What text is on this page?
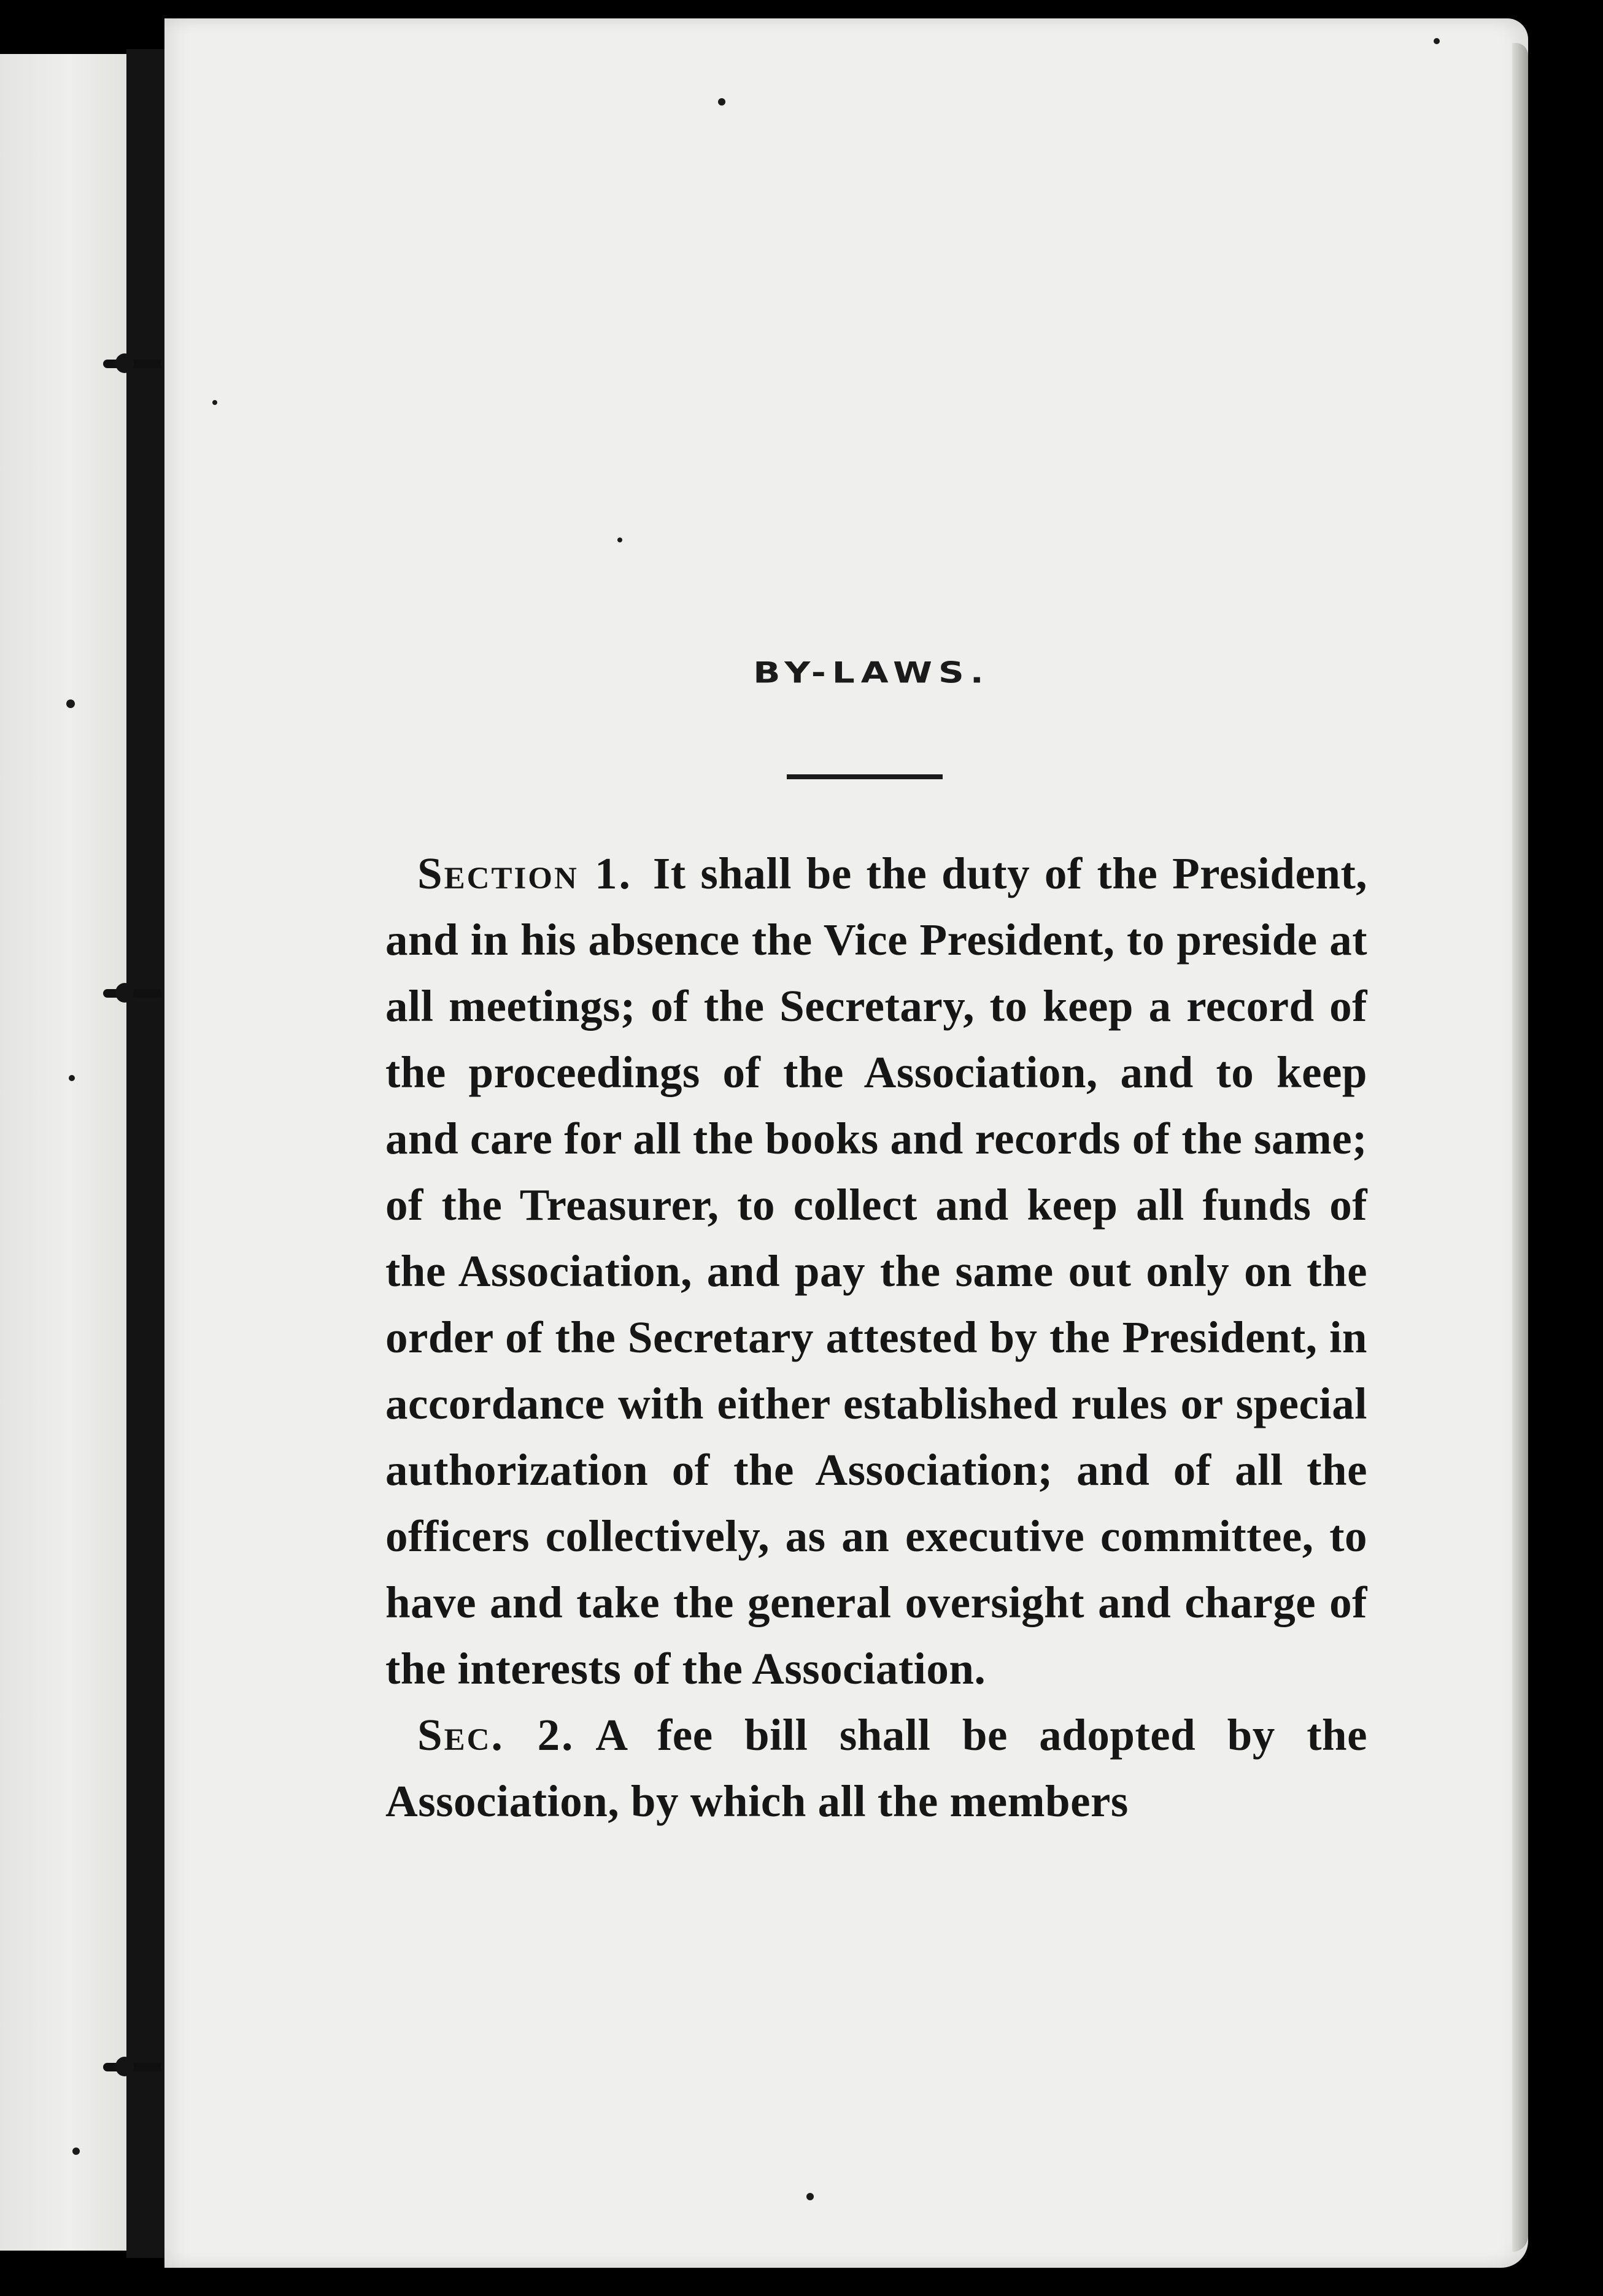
BY-LAWS.

Section 1. It shall be the duty of the President, and in his absence the Vice President, to preside at all meetings; of the Secretary, to keep a record of the proceedings of the Association, and to keep and care for all the books and records of the same; of the Treasurer, to collect and keep all funds of the Association, and pay the same out only on the order of the Secretary attested by the President, in accordance with either established rules or special authorization of the Association; and of all the officers collectively, as an executive committee, to have and take the general oversight and charge of the interests of the Association.

Sec. 2. A fee bill shall be adopted by the Association, by which all the members
